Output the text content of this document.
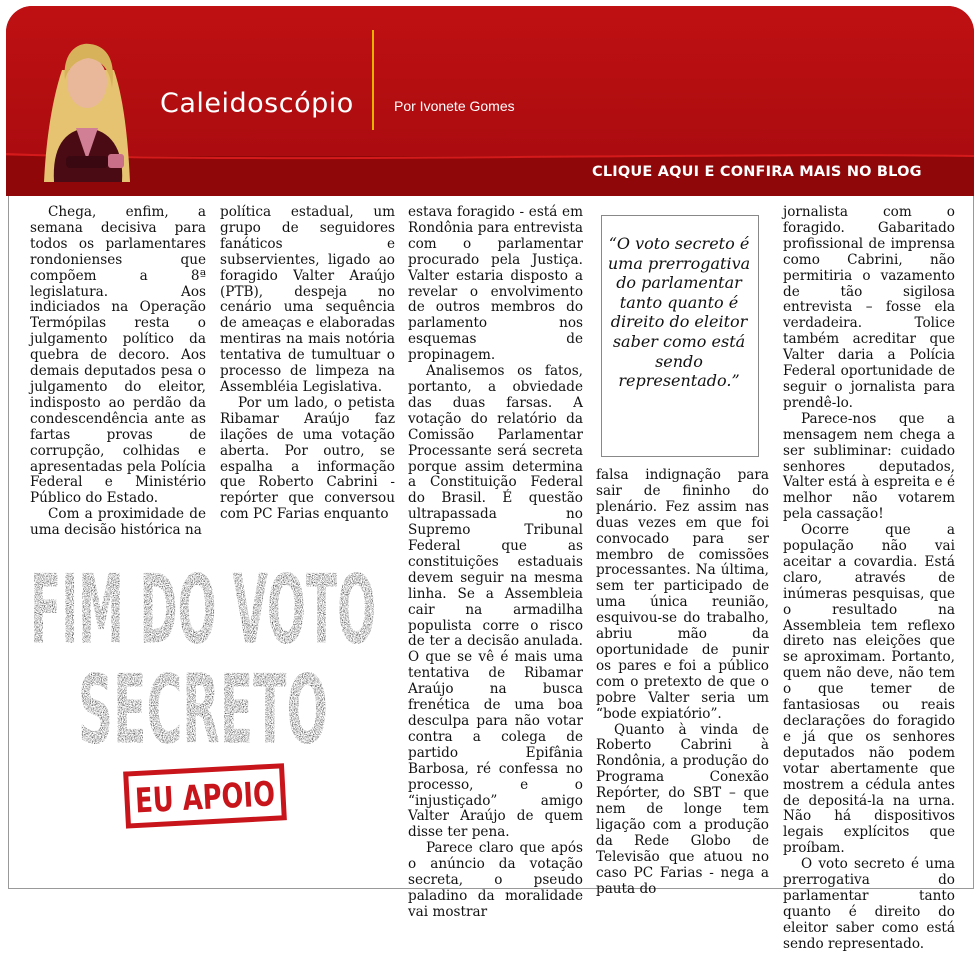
Caleidoscópio	Por Ivonete Gomes
CLIQUE AQUI E CONFIRA MAIS NO BLOG

Chega, enfim, a semana decisiva para todos os parlamentares rondonienses que compõem a 8ª legislatura. Aos indiciados na Operação Termópilas resta o julgamento político da quebra de decoro. Aos demais deputados pesa o julgamento do eleitor, indisposto ao perdão da condescendência ante as fartas provas de corrupção, colhidas e apresentadas pela Polícia Federal e Ministério Público do Estado.

Com a proximidade de uma decisão histórica na

FIM DO VOTO
SECRETO
EU APOIO

política estadual, um grupo de seguidores fanáticos e subservientes, ligado ao foragido Valter Araújo (PTB), despeja no cenário uma sequência de ameaças e elaboradas mentiras na mais notória tentativa de tumultuar o processo de limpeza na Assembléia Legislativa.

Por um lado, o petista Ribamar Araújo faz ilações de uma votação aberta. Por outro, se espalha a informação que Roberto Cabrini - repórter que conversou com PC Farias enquanto

estava foragido - está em Rondônia para entrevista com o parlamentar procurado pela Justiça. Valter estaria disposto a revelar o envolvimento de outros membros do parlamento nos esquemas de propinagem.

Analisemos os fatos, portanto, a obviedade das duas farsas. A votação do relatório da Comissão Parlamentar Processante será secreta porque assim determina a Constituição Federal do Brasil. É questão ultrapassada no Supremo Tribunal Federal que as constituições estaduais devem seguir na mesma linha. Se a Assembleia cair na armadilha populista corre o risco de ter a decisão anulada. O que se vê é mais uma tentativa de Ribamar Araújo na busca frenética de uma boa desculpa para não votar contra a colega de partido Epifânia Barbosa, ré confessa no processo, e o “injustiçado” amigo Valter Araújo de quem disse ter pena.

Parece claro que após o anúncio da votação secreta, o pseudo paladino da moralidade vai mostrar

“O voto secreto é uma prerrogativa do parlamentar tanto quanto é direito do eleitor saber como está sendo representado.”

falsa indignação para sair de fininho do plenário. Fez assim nas duas vezes em que foi convocado para ser membro de comissões processantes. Na última, sem ter participado de uma única reunião, esquivou-se do trabalho, abriu mão da oportunidade de punir os pares e foi a público com o pretexto de que o pobre Valter seria um “bode expiatório”.

Quanto à vinda de Roberto Cabrini à Rondônia, a produção do Programa Conexão Repórter, do SBT – que nem de longe tem ligação com a produção da Rede Globo de Televisão que atuou no caso PC Farias - nega a pauta do

jornalista com o foragido. Gabaritado profissional de imprensa como Cabrini, não permitiria o vazamento de tão sigilosa entrevista – fosse ela verdadeira. Tolice também acreditar que Valter daria a Polícia Federal oportunidade de seguir o jornalista para prendê-lo.

Parece-nos que a mensagem nem chega a ser subliminar: cuidado senhores deputados, Valter está à espreita e é melhor não votarem pela cassação!

Ocorre que a população não vai aceitar a covardia. Está claro, através de inúmeras pesquisas, que o resultado na Assembleia tem reflexo direto nas eleições que se aproximam. Portanto, quem não deve, não tem o que temer de fantasiosas ou reais declarações do foragido e já que os senhores deputados não podem votar abertamente que mostrem a cédula antes de depositá-la na urna. Não há dispositivos legais explícitos que proíbam.

O voto secreto é uma prerrogativa do parlamentar tanto quanto é direito do eleitor saber como está sendo representado.
